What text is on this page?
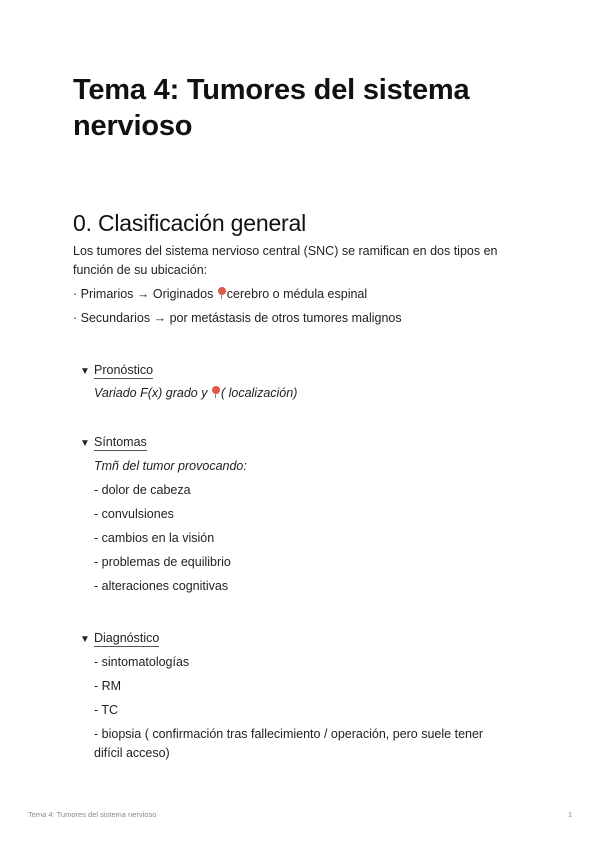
Tema 4: Tumores del sistema nervioso
0. Clasificación general
Los tumores del sistema nervioso central (SNC) se ramifican en dos tipos en función de su ubicación:
· Primarios → Originados cerebro o médula espinal
· Secundarios → por metástasis de otros tumores malignos
▼ Pronóstico
Variado F(x) grado y ( localización)
▼ Síntomas
Tmñ del tumor provocando:
- dolor de cabeza
- convulsiones
- cambios en la visión
- problemas de equilibrio
- alteraciones cognitivas
▼ Diagnóstico
- sintomatologías
- RM
- TC
- biopsia ( confirmación tras fallecimiento / operación, pero suele tener difícil acceso)
Tema 4: Tumores del sistema nervioso	1
